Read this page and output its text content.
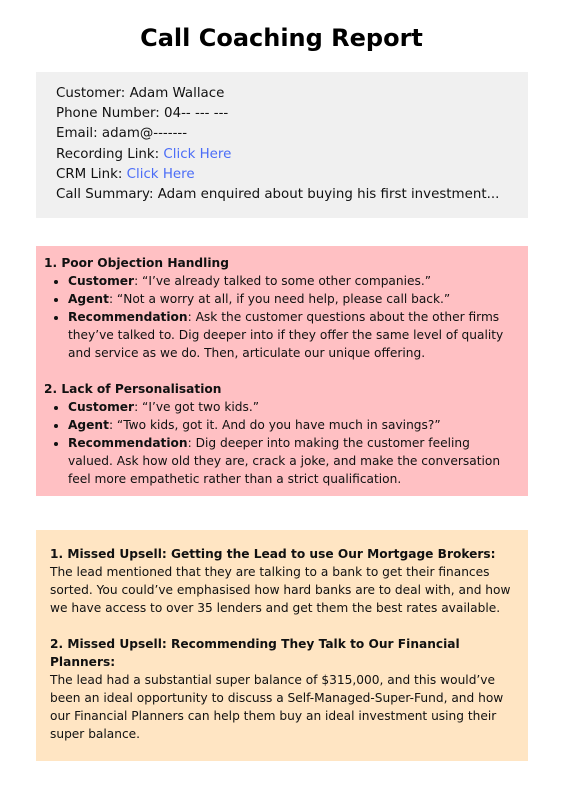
Call Coaching Report
Customer: Adam Wallace
Phone Number: 04-- --- ---
Email: adam@-------
Recording Link: Click Here
CRM Link: Click Here
Call Summary: Adam enquired about buying his first investment...
1. Poor Objection Handling
• Customer: “I’ve already talked to some other companies.”
• Agent: “Not a worry at all, if you need help, please call back.”
• Recommendation: Ask the customer questions about the other firms they’ve talked to. Dig deeper into if they offer the same level of quality and service as we do. Then, articulate our unique offering.
2. Lack of Personalisation
• Customer: “I’ve got two kids.”
• Agent: “Two kids, got it. And do you have much in savings?”
• Recommendation: Dig deeper into making the customer feeling valued. Ask how old they are, crack a joke, and make the conversation feel more empathetic rather than a strict qualification.
1. Missed Upsell: Getting the Lead to use Our Mortgage Brokers:
The lead mentioned that they are talking to a bank to get their finances sorted. You could’ve emphasised how hard banks are to deal with, and how we have access to over 35 lenders and get them the best rates available.
2. Missed Upsell: Recommending They Talk to Our Financial Planners:
The lead had a substantial super balance of $315,000, and this would’ve been an ideal opportunity to discuss a Self-Managed-Super-Fund, and how our Financial Planners can help them buy an ideal investment using their super balance.
